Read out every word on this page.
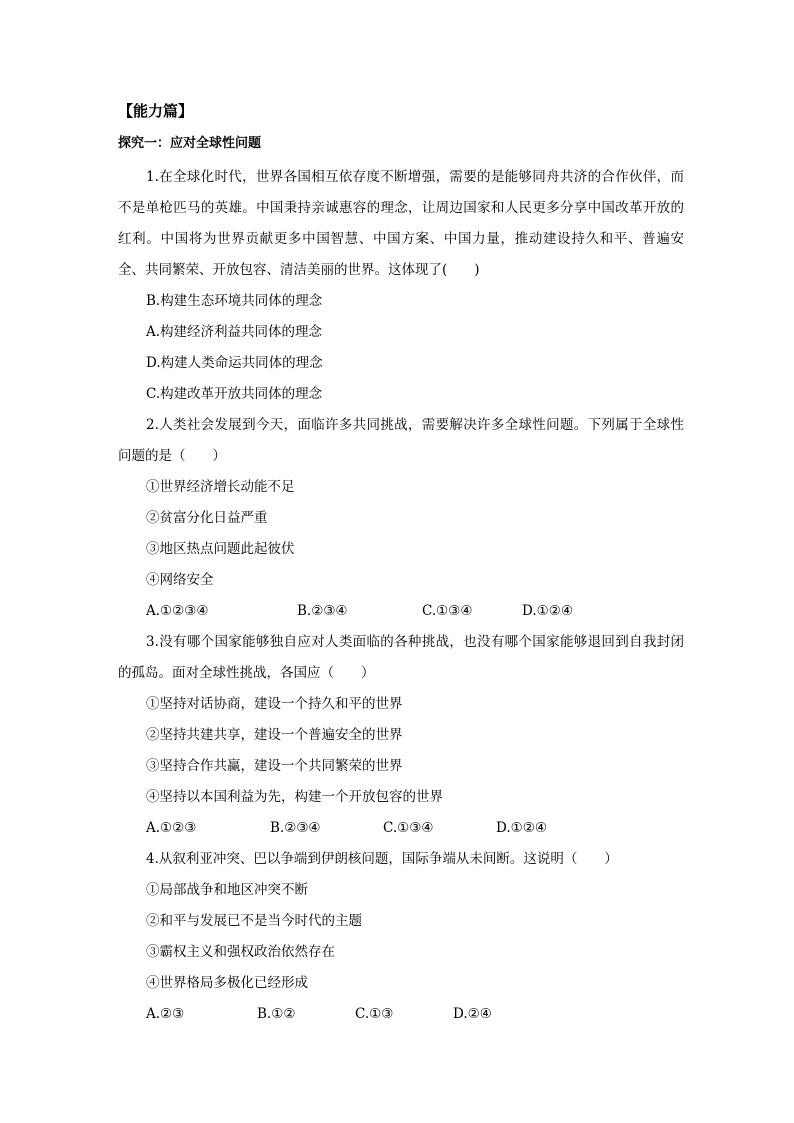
【能力篇】
探究一：应对全球性问题

1.在全球化时代，世界各国相互依存度不断增强，需要的是能够同舟共济的合作伙伴，而不是单枪匹马的英雄。中国秉持亲诚惠容的理念，让周边国家和人民更多分享中国改革开放的红利。中国将为世界贡献更多中国智慧、中国方案、中国力量，推动建设持久和平、普遍安全、共同繁荣、开放包容、清洁美丽的世界。这体现了(　　)

B.构建生态环境共同体的理念

A.构建经济利益共同体的理念

D.构建人类命运共同体的理念

C.构建改革开放共同体的理念

2.人类社会发展到今天，面临许多共同挑战，需要解决许多全球性问题。下列属于全球性问题的是（　　）

①世界经济增长动能不足

②贫富分化日益严重

③地区热点问题此起彼伏

④网络安全

A.①②③④	B.②③④	C.①③④	D.①②④

3.没有哪个国家能够独自应对人类面临的各种挑战，也没有哪个国家能够退回到自我封闭的孤岛。面对全球性挑战，各国应（　　）

①坚持对话协商，建设一个持久和平的世界

②坚持共建共享，建设一个普遍安全的世界

③坚持合作共赢，建设一个共同繁荣的世界

④坚持以本国利益为先，构建一个开放包容的世界

A.①②③	B.②③④	C.①③④	D.①②④

4.从叙利亚冲突、巴以争端到伊朗核问题，国际争端从未间断。这说明（　　）

①局部战争和地区冲突不断

②和平与发展已不是当今时代的主题

③霸权主义和强权政治依然存在

④世界格局多极化已经形成

A.②③	B.①②	C.①③	D.②④
